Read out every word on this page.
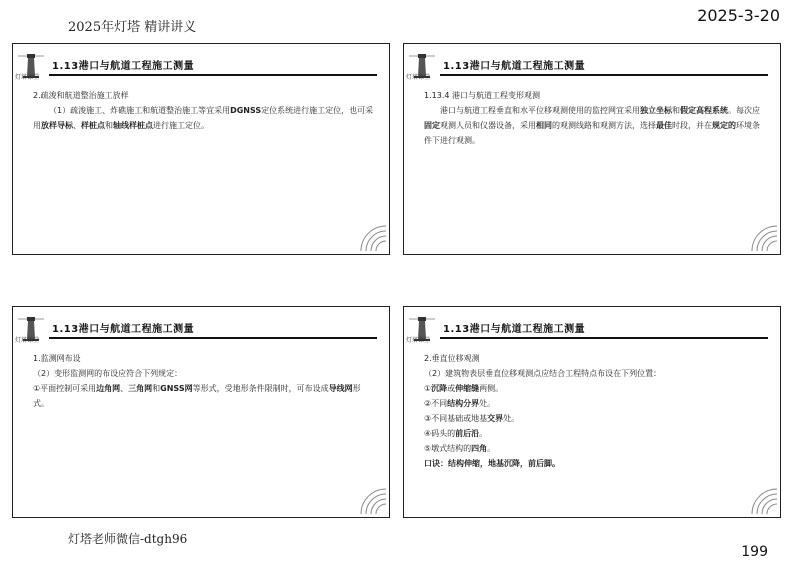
2025年灯塔 精讲讲义
2025-3-20
灯塔课堂
1.13港口与航道工程施工测量

2.疏浚和航道整治施工放样

（1）疏浚施工、炸礁施工和航道整治施工等宜采用DGNSS定位系统进行施工定位，也可采用放样导标、样桩点和轴线样桩点进行施工定位。

灯塔课堂
1.13港口与航道工程施工测量

1.13.4 港口与航道工程变形观测

港口与航道工程垂直和水平位移观测使用的监控网宜采用独立坐标和假定高程系统。每次应固定观测人员和仪器设备，采用相同的观测线路和观测方法，选择最佳时段，并在规定的环境条件下进行观测。

灯塔课堂
1.13港口与航道工程施工测量

1.监测网布设

（2）变形监测网的布设应符合下列规定：

①平面控制可采用边角网、三角网和GNSS网等形式，受地形条件限制时，可布设成导线网形式。

灯塔课堂
1.13港口与航道工程施工测量

2.垂直位移观测

（2）建筑物表层垂直位移观测点应结合工程特点布设在下列位置：

①沉降或伸缩缝两侧。

②不同结构分界处。

③不同基础或地基交界处。

④码头的前后沿。

⑤墩式结构的四角。

口诀：结构伸缩，地基沉降，前后脚。

灯塔老师微信-dtgh96
199
